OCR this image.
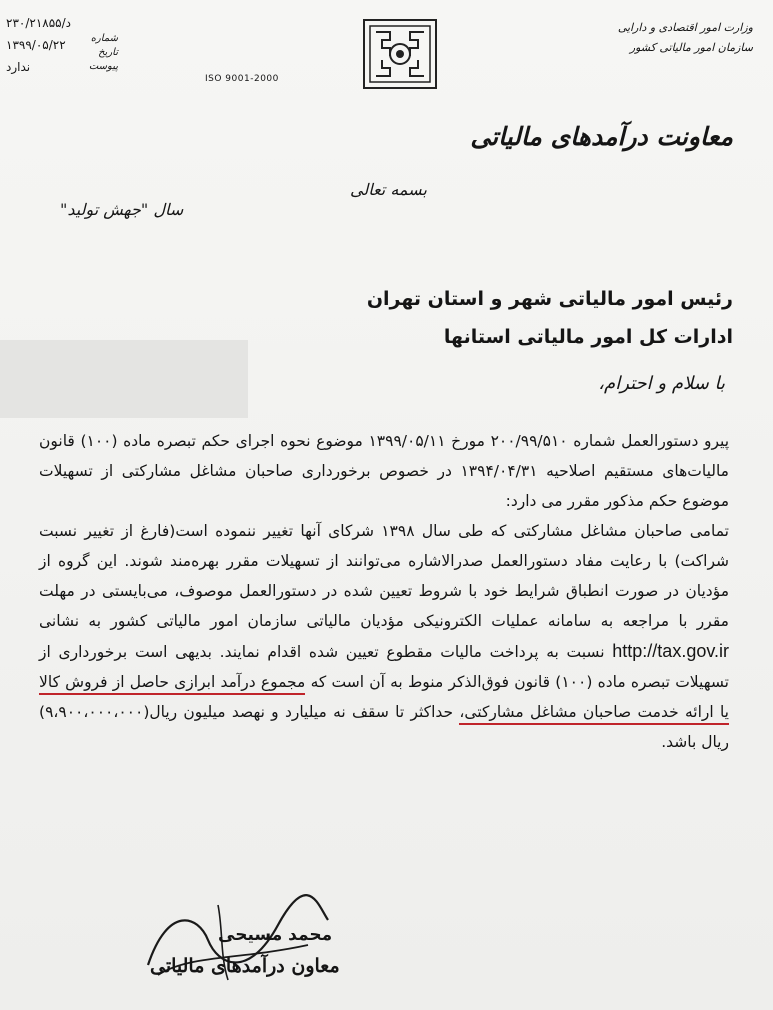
وزارت امور اقتصادی و دارایی
سازمان امور مالیاتی کشور
ISO 9001-2000
د/۲۳۰/۲۱۸۵۵
۱۳۹۹/۰۵/۲۲
ندارد
شماره
تاریخ
پیوست
معاونت درآمدهای مالیاتی
بسمه تعالی
سال "جهش تولید"
رئیس امور مالیاتی شهر و استان تهران
ادارات کل امور مالیاتی استانها
با سلام و احترام،

پیرو دستورالعمل شماره ۲۰۰/۹۹/۵۱۰ مورخ ۱۳۹۹/۰۵/۱۱ موضوع نحوه اجرای حکم تبصره ماده (۱۰۰) قانون مالیات‌های مستقیم اصلاحیه ۱۳۹۴/۰۴/۳۱ در خصوص برخورداری صاحبان مشاغل مشارکتی از تسهیلات موضوع حکم مذکور مقرر می دارد:

تمامی صاحبان مشاغل مشارکتی که طی سال ۱۳۹۸ شرکای آنها تغییر ننموده است(فارغ از تغییر نسبت شراکت) با رعایت مفاد دستورالعمل صدرالاشاره می‌توانند از تسهیلات مقرر بهره‌مند شوند. این گروه از مؤدیان در صورت انطباق شرایط خود با شروط تعیین شده در دستورالعمل موصوف، می‌بایستی در مهلت مقرر با مراجعه به سامانه عملیات الکترونیکی مؤدیان مالیاتی سازمان امور مالیاتی کشور به نشانی http://tax.gov.ir نسبت به پرداخت مالیات مقطوع تعیین شده اقدام نمایند. بدیهی است برخورداری از تسهیلات تبصره ماده (۱۰۰) قانون فوق‌الذکر منوط به آن است که مجموع درآمد ابرازی حاصل از فروش کالا یا ارائه خدمت صاحبان مشاغل مشارکتی، حداکثر تا سقف نه میلیارد و نهصد میلیون ریال(۹،۹۰۰،۰۰۰،۰۰۰) ریال باشد.

محمد مسیحی
معاون درآمدهای مالیاتی
